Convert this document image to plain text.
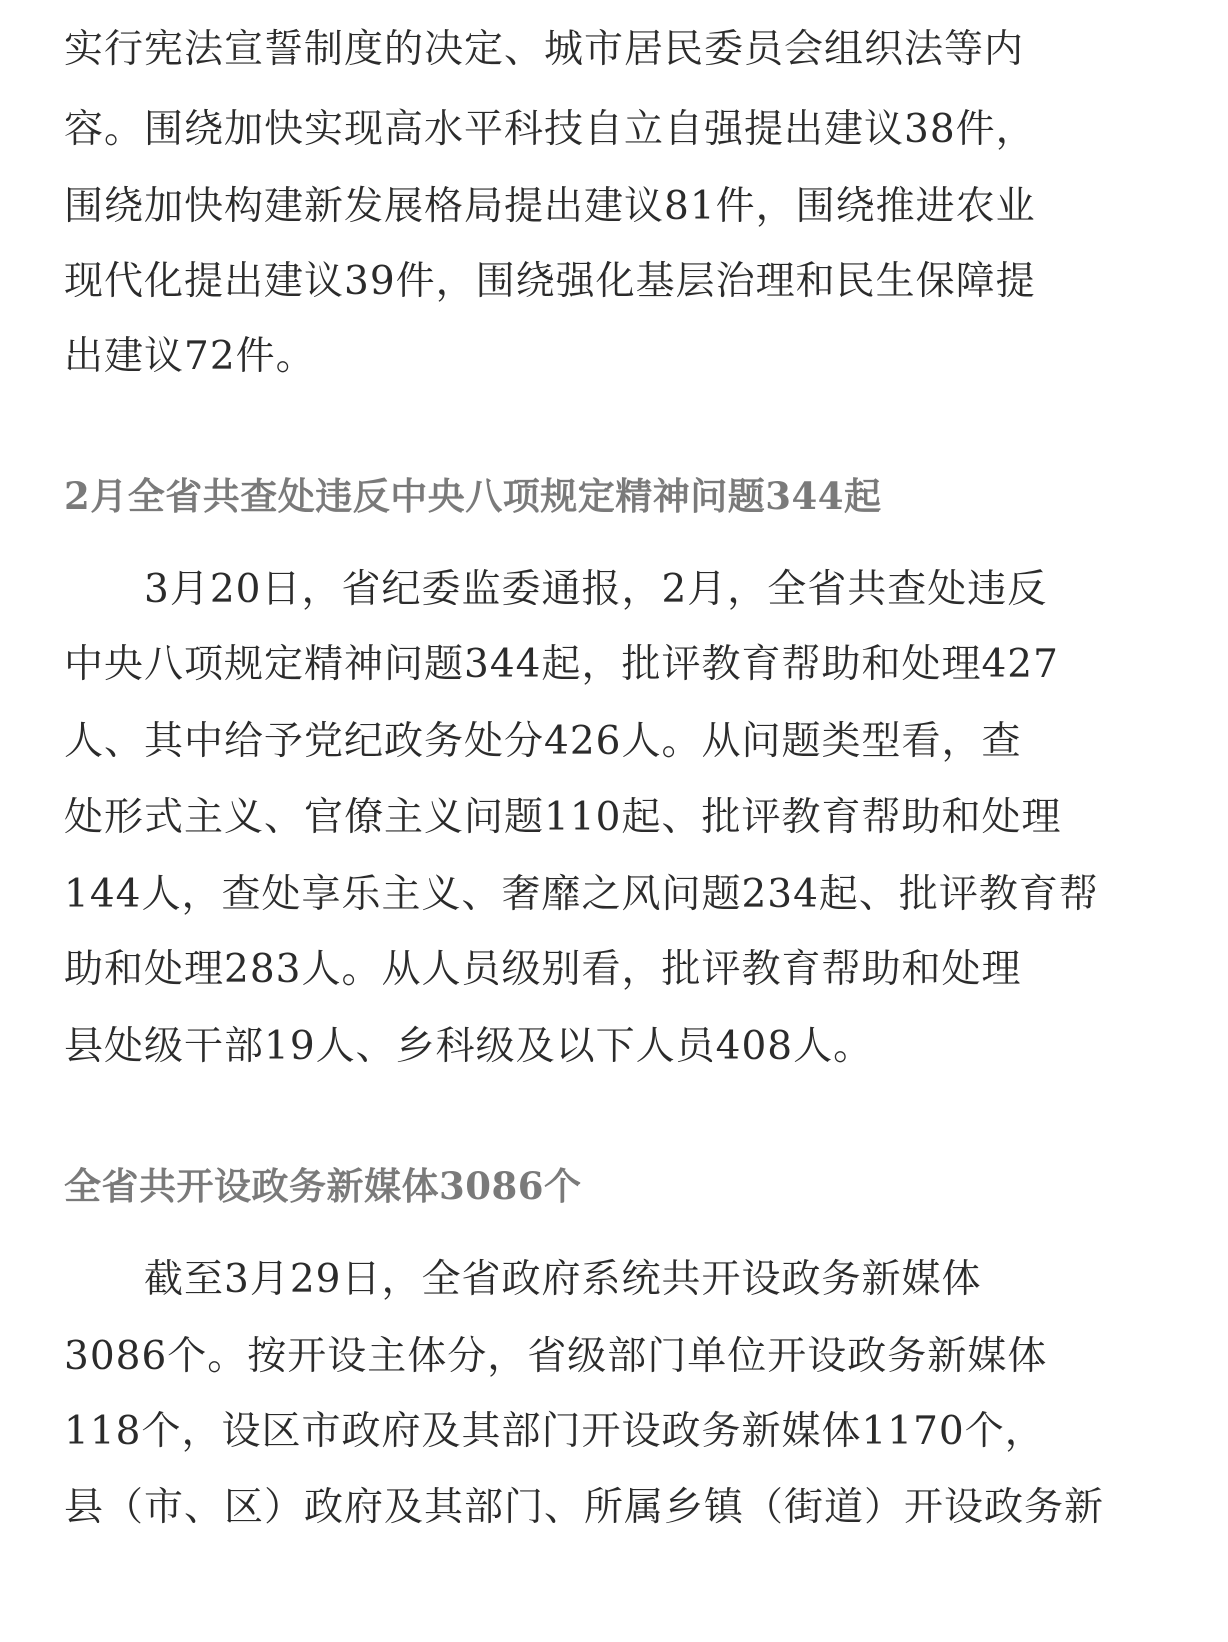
实行宪法宣誓制度的决定、城市居民委员会组织法等内
容。围绕加快实现高水平科技自立自强提出建议38件，
围绕加快构建新发展格局提出建议81件，围绕推进农业
现代化提出建议39件，围绕强化基层治理和民生保障提
出建议72件。
2月全省共查处违反中央八项规定精神问题344起
3月20日，省纪委监委通报，2月，全省共查处违反
中央八项规定精神问题344起，批评教育帮助和处理427
人、其中给予党纪政务处分426人。从问题类型看，查
处形式主义、官僚主义问题110起、批评教育帮助和处理
144人，查处享乐主义、奢靡之风问题234起、批评教育帮
助和处理283人。从人员级别看，批评教育帮助和处理
县处级干部19人、乡科级及以下人员408人。
全省共开设政务新媒体3086个
截至3月29日，全省政府系统共开设政务新媒体
3086个。按开设主体分，省级部门单位开设政务新媒体
118个，设区市政府及其部门开设政务新媒体1170个，
县（市、区）政府及其部门、所属乡镇（街道）开设政务新
